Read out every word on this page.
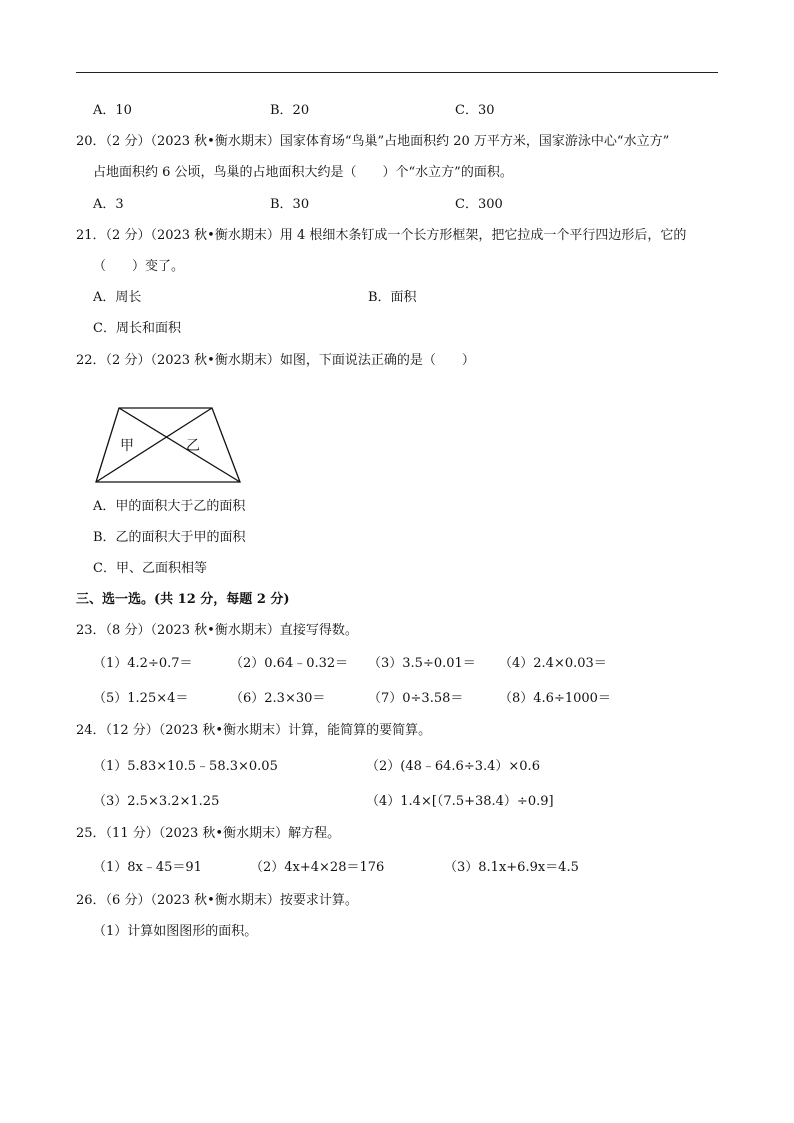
A．10	B．20	C．30
20．（2 分）（2023 秋•衡水期末）国家体育场“鸟巢”占地面积约 20 万平方米，国家游泳中心“水立方”
占地面积约 6 公顷，鸟巢的占地面积大约是（　　）个“水立方”的面积。
A．3	B．30	C．300
21．（2 分）（2023 秋•衡水期末）用 4 根细木条钉成一个长方形框架，把它拉成一个平行四边形后，它的
（　　）变了。
A．周长	B．面积
C．周长和面积
22．（2 分）（2023 秋•衡水期末）如图，下面说法正确的是（　　）
甲	乙
A．甲的面积大于乙的面积
B．乙的面积大于甲的面积
C．甲、乙面积相等
三、选一选。(共 12 分，每题 2 分)
23．（8 分）（2023 秋•衡水期末）直接写得数。
（1）4.2÷0.7＝	（2）0.64﹣0.32＝ （3）3.5÷0.01＝ （4）2.4×0.03＝
（5）1.25×4＝	（6）2.3×30＝	（7）0÷3.58＝	（8）4.6÷1000＝
24．（12 分）（2023 秋•衡水期末）计算，能简算的要简算。
（1）5.83×10.5﹣58.3×0.05	（2）(48﹣64.6÷3.4）×0.6
（3）2.5×3.2×1.25	（4）1.4×[（7.5+38.4）÷0.9]
25．（11 分）（2023 秋•衡水期末）解方程。
（1）8x﹣45＝91	（2）4x+4×28＝176	（3）8.1x+6.9x＝4.5
26．（6 分）（2023 秋•衡水期末）按要求计算。
（1）计算如图图形的面积。
